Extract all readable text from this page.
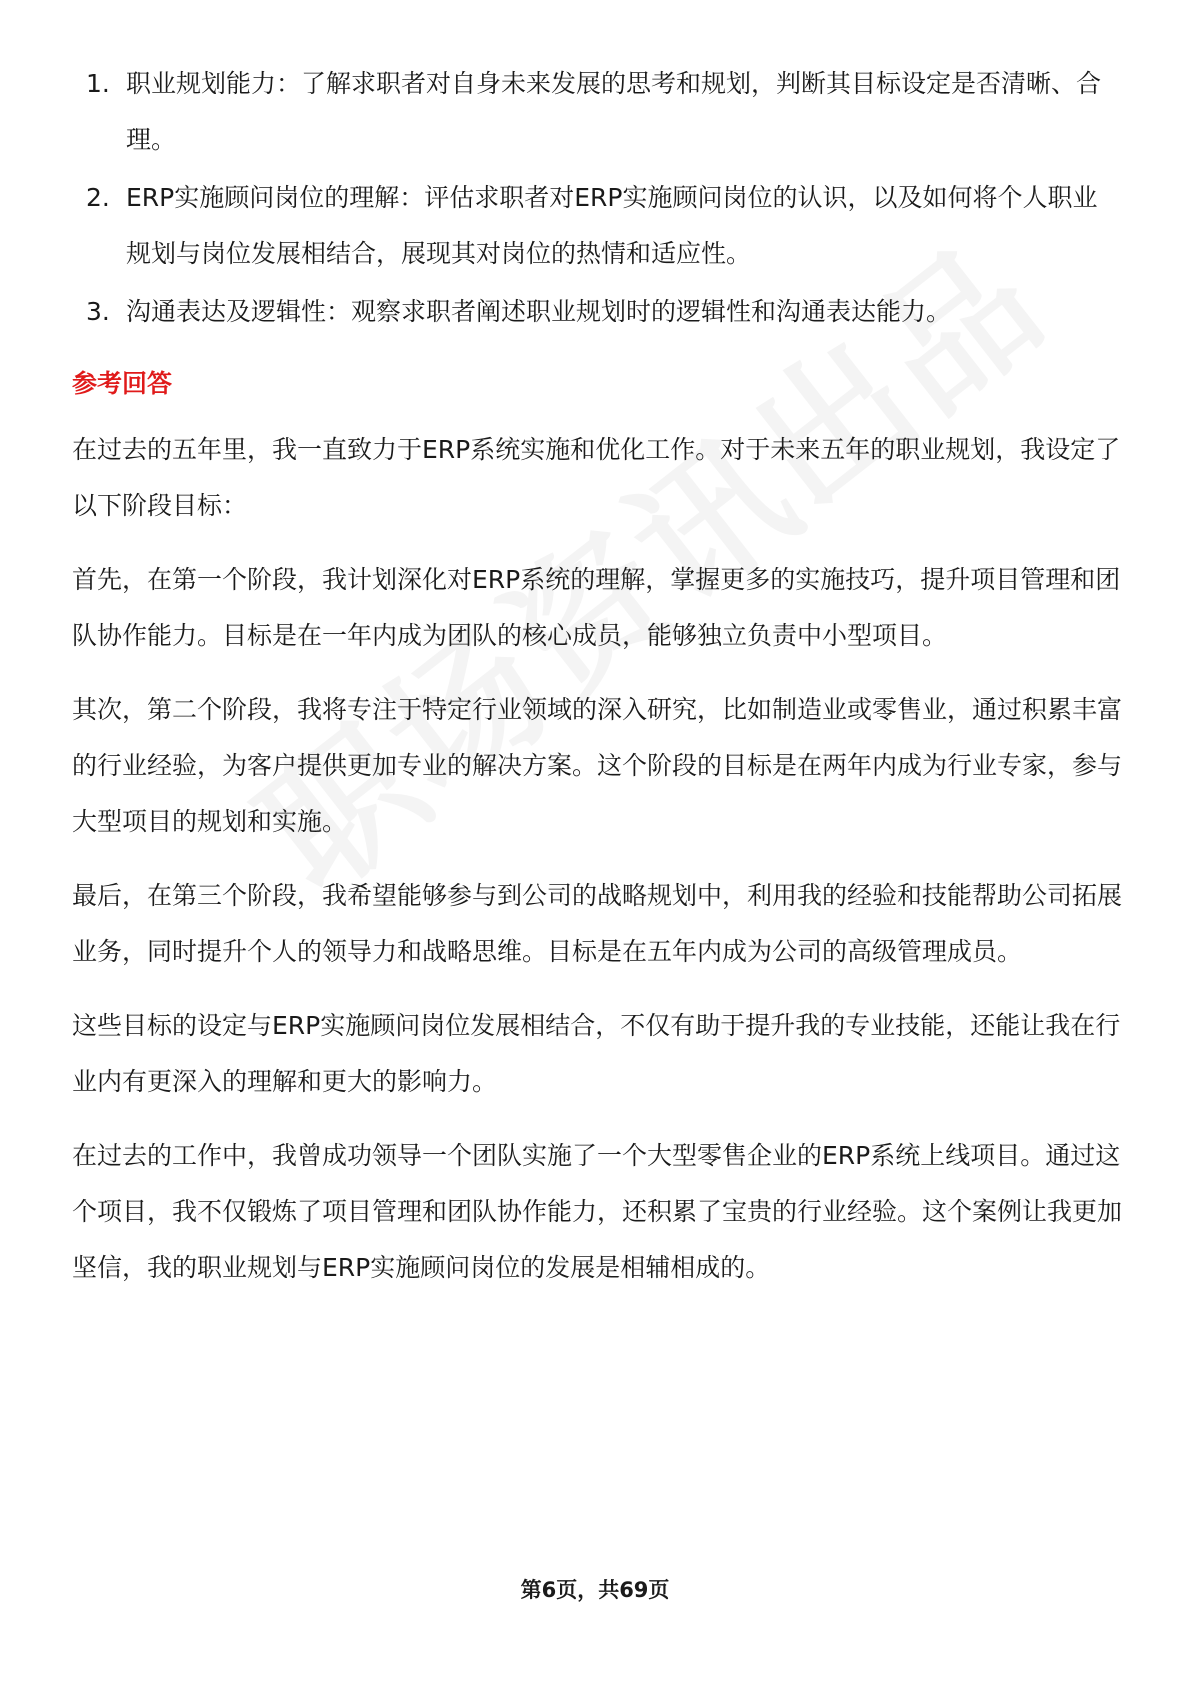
1. 职业规划能力：了解求职者对自身未来发展的思考和规划，判断其目标设定是否清晰、合理。
2. ERP实施顾问岗位的理解：评估求职者对ERP实施顾问岗位的认识，以及如何将个人职业规划与岗位发展相结合，展现其对岗位的热情和适应性。
3. 沟通表达及逻辑性：观察求职者阐述职业规划时的逻辑性和沟通表达能力。
参考回答

在过去的五年里，我一直致力于ERP系统实施和优化工作。对于未来五年的职业规划，我设定了以下阶段目标：

首先，在第一个阶段，我计划深化对ERP系统的理解，掌握更多的实施技巧，提升项目管理和团队协作能力。目标是在一年内成为团队的核心成员，能够独立负责中小型项目。

其次，第二个阶段，我将专注于特定行业领域的深入研究，比如制造业或零售业，通过积累丰富的行业经验，为客户提供更加专业的解决方案。这个阶段的目标是在两年内成为行业专家，参与大型项目的规划和实施。

最后，在第三个阶段，我希望能够参与到公司的战略规划中，利用我的经验和技能帮助公司拓展业务，同时提升个人的领导力和战略思维。目标是在五年内成为公司的高级管理成员。

这些目标的设定与ERP实施顾问岗位发展相结合，不仅有助于提升我的专业技能，还能让我在行业内有更深入的理解和更大的影响力。

在过去的工作中，我曾成功领导一个团队实施了一个大型零售企业的ERP系统上线项目。通过这个项目，我不仅锻炼了项目管理和团队协作能力，还积累了宝贵的行业经验。这个案例让我更加坚信，我的职业规划与ERP实施顾问岗位的发展是相辅相成的。

第6页，共69页
